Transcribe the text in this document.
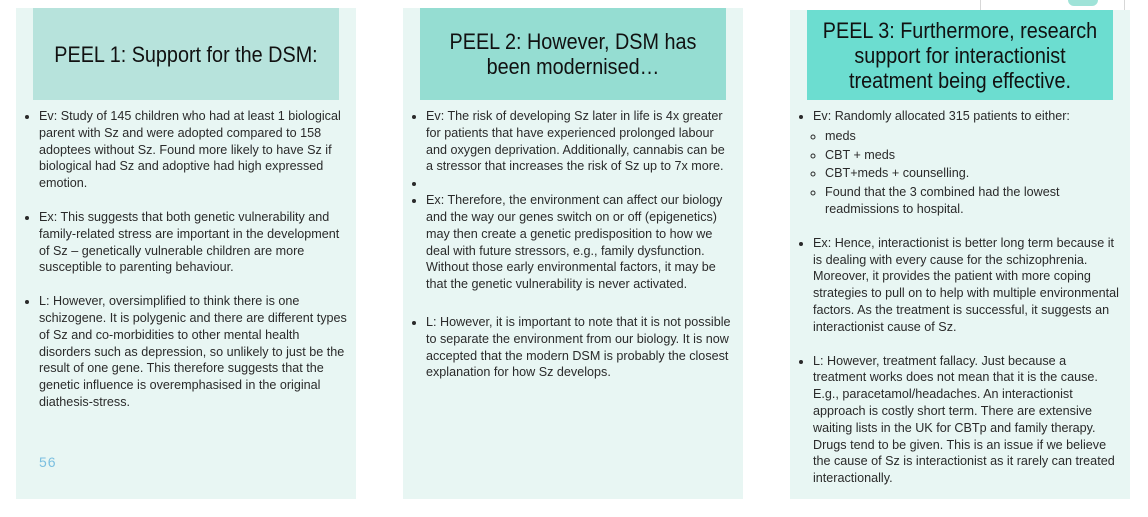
PEEL 1: Support for the DSM:
• Ev: Study of 145 children who had at least 1 biological parent with Sz and were adopted compared to 158 adoptees without Sz. Found more likely to have Sz if biological had Sz and adoptive had high expressed emotion.
• Ex: This suggests that both genetic vulnerability and family-related stress are important in the development of Sz – genetically vulnerable children are more susceptible to parenting behaviour.
• L: However, oversimplified to think there is one schizogene. It is polygenic and there are different types of Sz and co-morbidities to other mental health disorders such as depression, so unlikely to just be the result of one gene. This therefore suggests that the genetic influence is overemphasised in the original diathesis-stress.
56
PEEL 2: However, DSM has been modernised…
• Ev: The risk of developing Sz later in life is 4x greater for patients that have experienced prolonged labour and oxygen deprivation. Additionally, cannabis can be a stressor that increases the risk of Sz up to 7x more.
•
• Ex: Therefore, the environment can affect our biology and the way our genes switch on or off (epigenetics) may then create a genetic predisposition to how we deal with future stressors, e.g., family dysfunction. Without those early environmental factors, it may be that the genetic vulnerability is never activated.
• L: However, it is important to note that it is not possible to separate the environment from our biology. It is now accepted that the modern DSM is probably the closest explanation for how Sz develops.
PEEL 3: Furthermore, research support for interactionist treatment being effective.
• Ev: Randomly allocated 315 patients to either:
◦ meds
◦ CBT + meds
◦ CBT+meds + counselling.
◦ Found that the 3 combined had the lowest readmissions to hospital.
• Ex: Hence, interactionist is better long term because it is dealing with every cause for the schizophrenia. Moreover, it provides the patient with more coping strategies to pull on to help with multiple environmental factors. As the treatment is successful, it suggests an interactionist cause of Sz.
• L: However, treatment fallacy. Just because a treatment works does not mean that it is the cause. E.g., paracetamol/headaches. An interactionist approach is costly short term. There are extensive waiting lists in the UK for CBTp and family therapy. Drugs tend to be given. This is an issue if we believe the cause of Sz is interactionist as it rarely can treated interactionally.
